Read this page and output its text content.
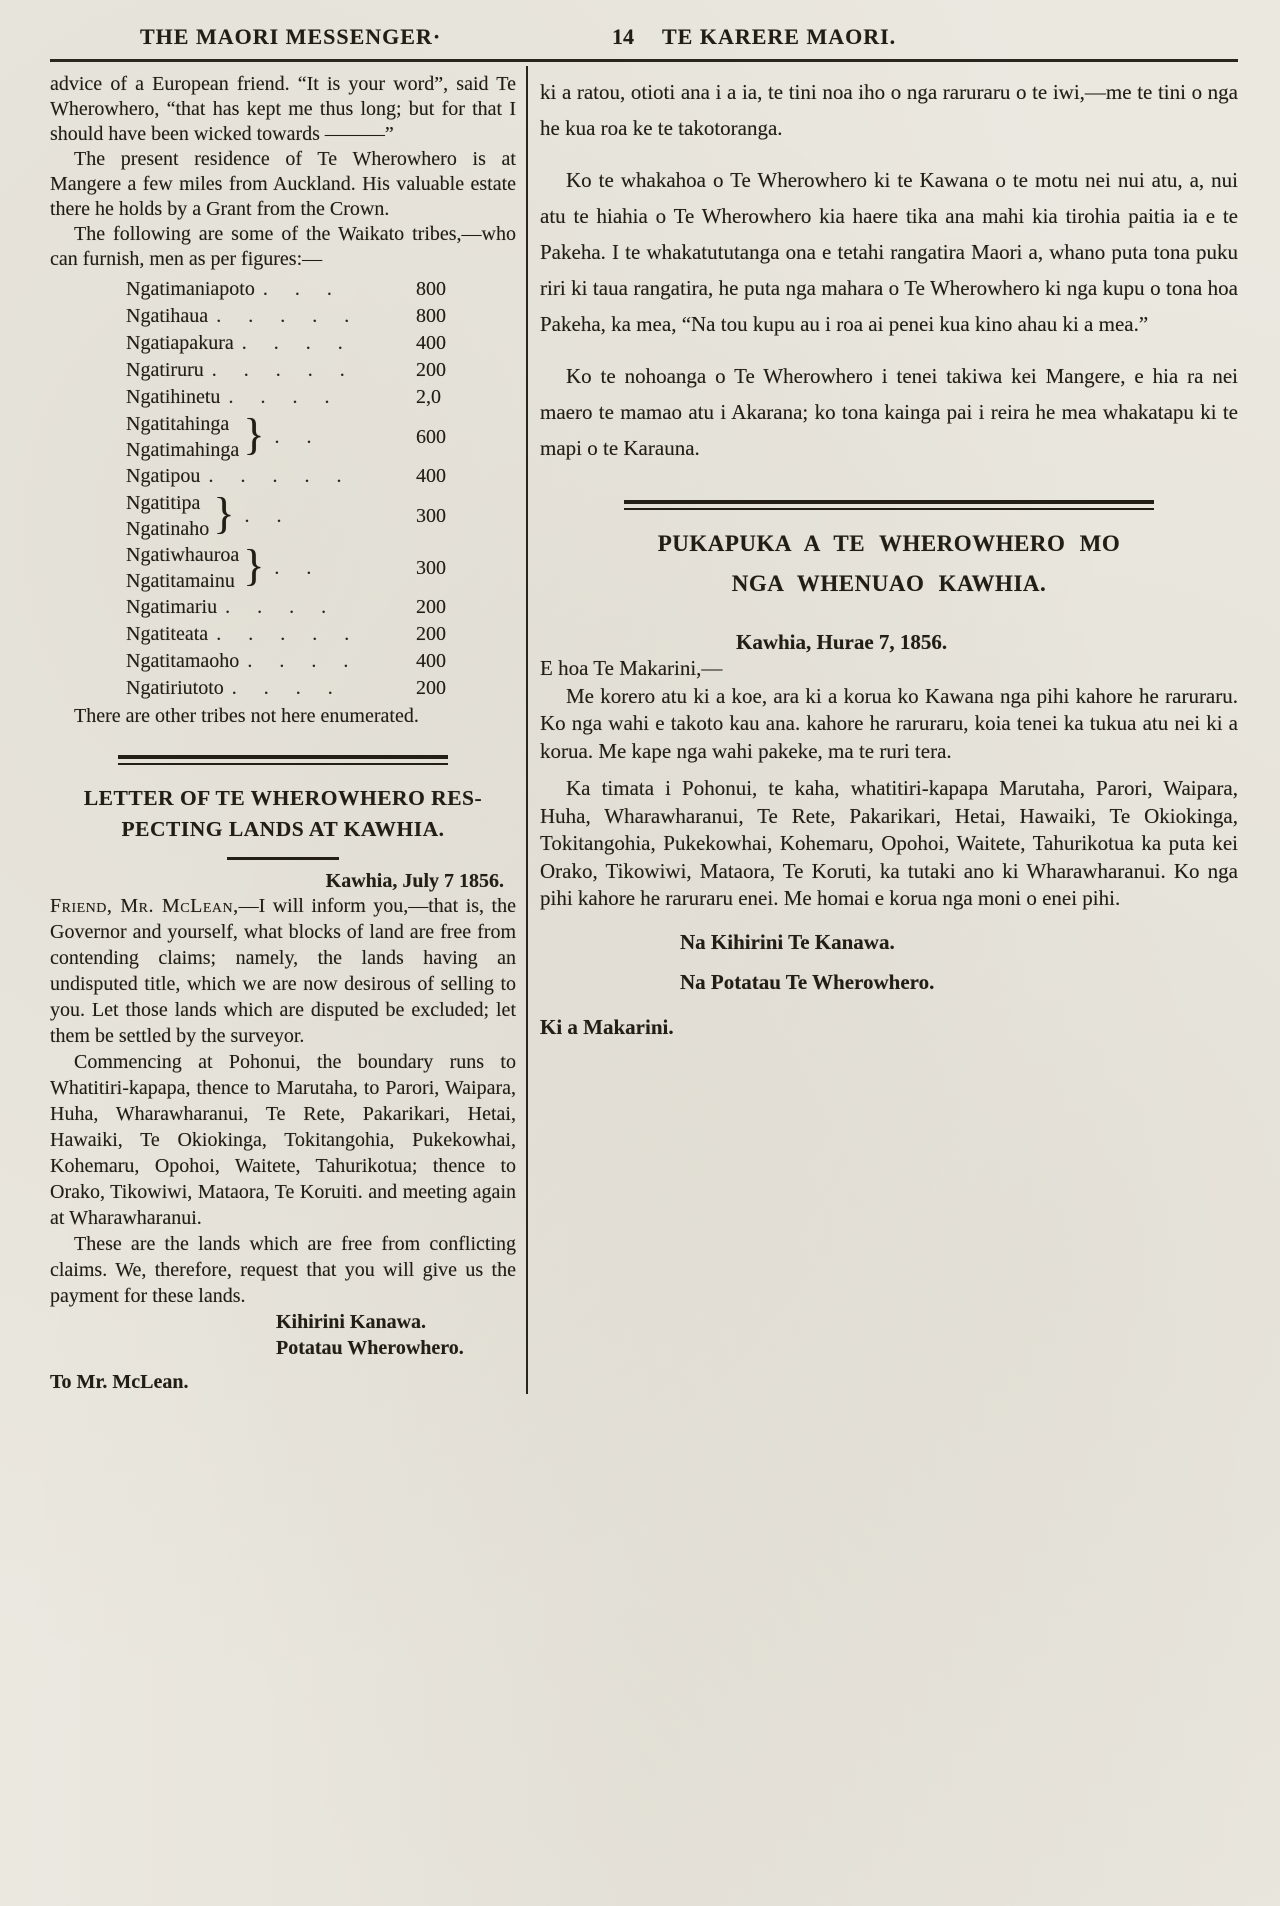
THE MAORI MESSENGER·	14 TE KARERE MAORI.

advice of a European friend. “It is your word”, said Te Wherowhero, “that has kept me thus long; but for that I should have been wicked towards ———”

The present residence of Te Wherowhero is at Mangere a few miles from Auckland. His valuable estate there he holds by a Grant from the Crown.

The following are some of the Waikato tribes,—who can furnish, men as per figures:—

Ngatimaniapoto . . .	800
Ngatihaua . . . . .	800
Ngatiapakura . . . .	400
Ngatiruru . . . . .	200
Ngatihinetu . . . .	2,0
Ngatitahinga
Ngatimahinga } . .	600
Ngatipou . . . . .	400
Ngatitipa
Ngatinaho } . .	300
Ngatiwhauroa
Ngatitamainu } . .	300
Ngatimariu . . . .	200
Ngatiteata . . . . .	200
Ngatitamaoho . . . .	400
Ngatiriutoto . . . .	200

There are other tribes not here enumerated.

LETTER OF TE WHEROWHERO RES-
PECTING LANDS AT KAWHIA.
Kawhia, July 7 1856.

Friend, Mr. McLean,—I will inform you,—that is, the Governor and yourself, what blocks of land are free from contending claims; namely, the lands having an undisputed title, which we are now desirous of selling to you. Let those lands which are disputed be excluded; let them be settled by the surveyor.

Commencing at Pohonui, the boundary runs to Whatitiri-kapapa, thence to Marutaha, to Parori, Waipara, Huha, Wharawharanui, Te Rete, Pakarikari, Hetai, Hawaiki, Te Okiokinga, Tokitangohia, Pukekowhai, Kohemaru, Opohoi, Waitete, Tahurikotua; thence to Orako, Tikowiwi, Mataora, Te Koruiti. and meeting again at Wharawharanui.

These are the lands which are free from conflicting claims. We, therefore, request that you will give us the payment for these lands.

Kihirini Kanawa.
Potatau Wherowhero.
To Mr. McLean.

ki a ratou, otioti ana i a ia, te tini noa iho o nga raruraru o te iwi,—me te tini o nga he kua roa ke te takotoranga.

Ko te whakahoa o Te Wherowhero ki te Kawana o te motu nei nui atu, a, nui atu te hiahia o Te Wherowhero kia haere tika ana mahi kia tirohia paitia ia e te Pakeha. I te whakatututanga ona e tetahi rangatira Maori a, whano puta tona puku riri ki taua rangatira, he puta nga mahara o Te Wherowhero ki nga kupu o tona hoa Pakeha, ka mea, “Na tou kupu au i roa ai penei kua kino ahau ki a mea.”

Ko te nohoanga o Te Wherowhero i tenei takiwa kei Mangere, e hia ra nei maero te mamao atu i Akarana; ko tona kainga pai i reira he mea whakatapu ki te mapi o te Karauna.

PUKAPUKA A TE WHEROWHERO MO
NGA WHENUAO KAWHIA.
Kawhia, Hurae 7, 1856.

E hoa Te Makarini,—

Me korero atu ki a koe, ara ki a korua ko Kawana nga pihi kahore he raruraru. Ko nga wahi e takoto kau ana. kahore he raruraru, koia tenei ka tukua atu nei ki a korua. Me kape nga wahi pakeke, ma te ruri tera.

Ka timata i Pohonui, te kaha, whatitiri-kapapa Marutaha, Parori, Waipara, Huha, Wharawharanui, Te Rete, Pakarikari, Hetai, Hawaiki, Te Okiokinga, Tokitangohia, Pukekowhai, Kohemaru, Opohoi, Waitete, Tahurikotua ka puta kei Orako, Tikowiwi, Mataora, Te Koruti, ka tutaki ano ki Wharawharanui. Ko nga pihi kahore he raruraru enei. Me homai e korua nga moni o enei pihi.

Na Kihirini Te Kanawa.
Na Potatau Te Wherowhero.
Ki a Makarini.
